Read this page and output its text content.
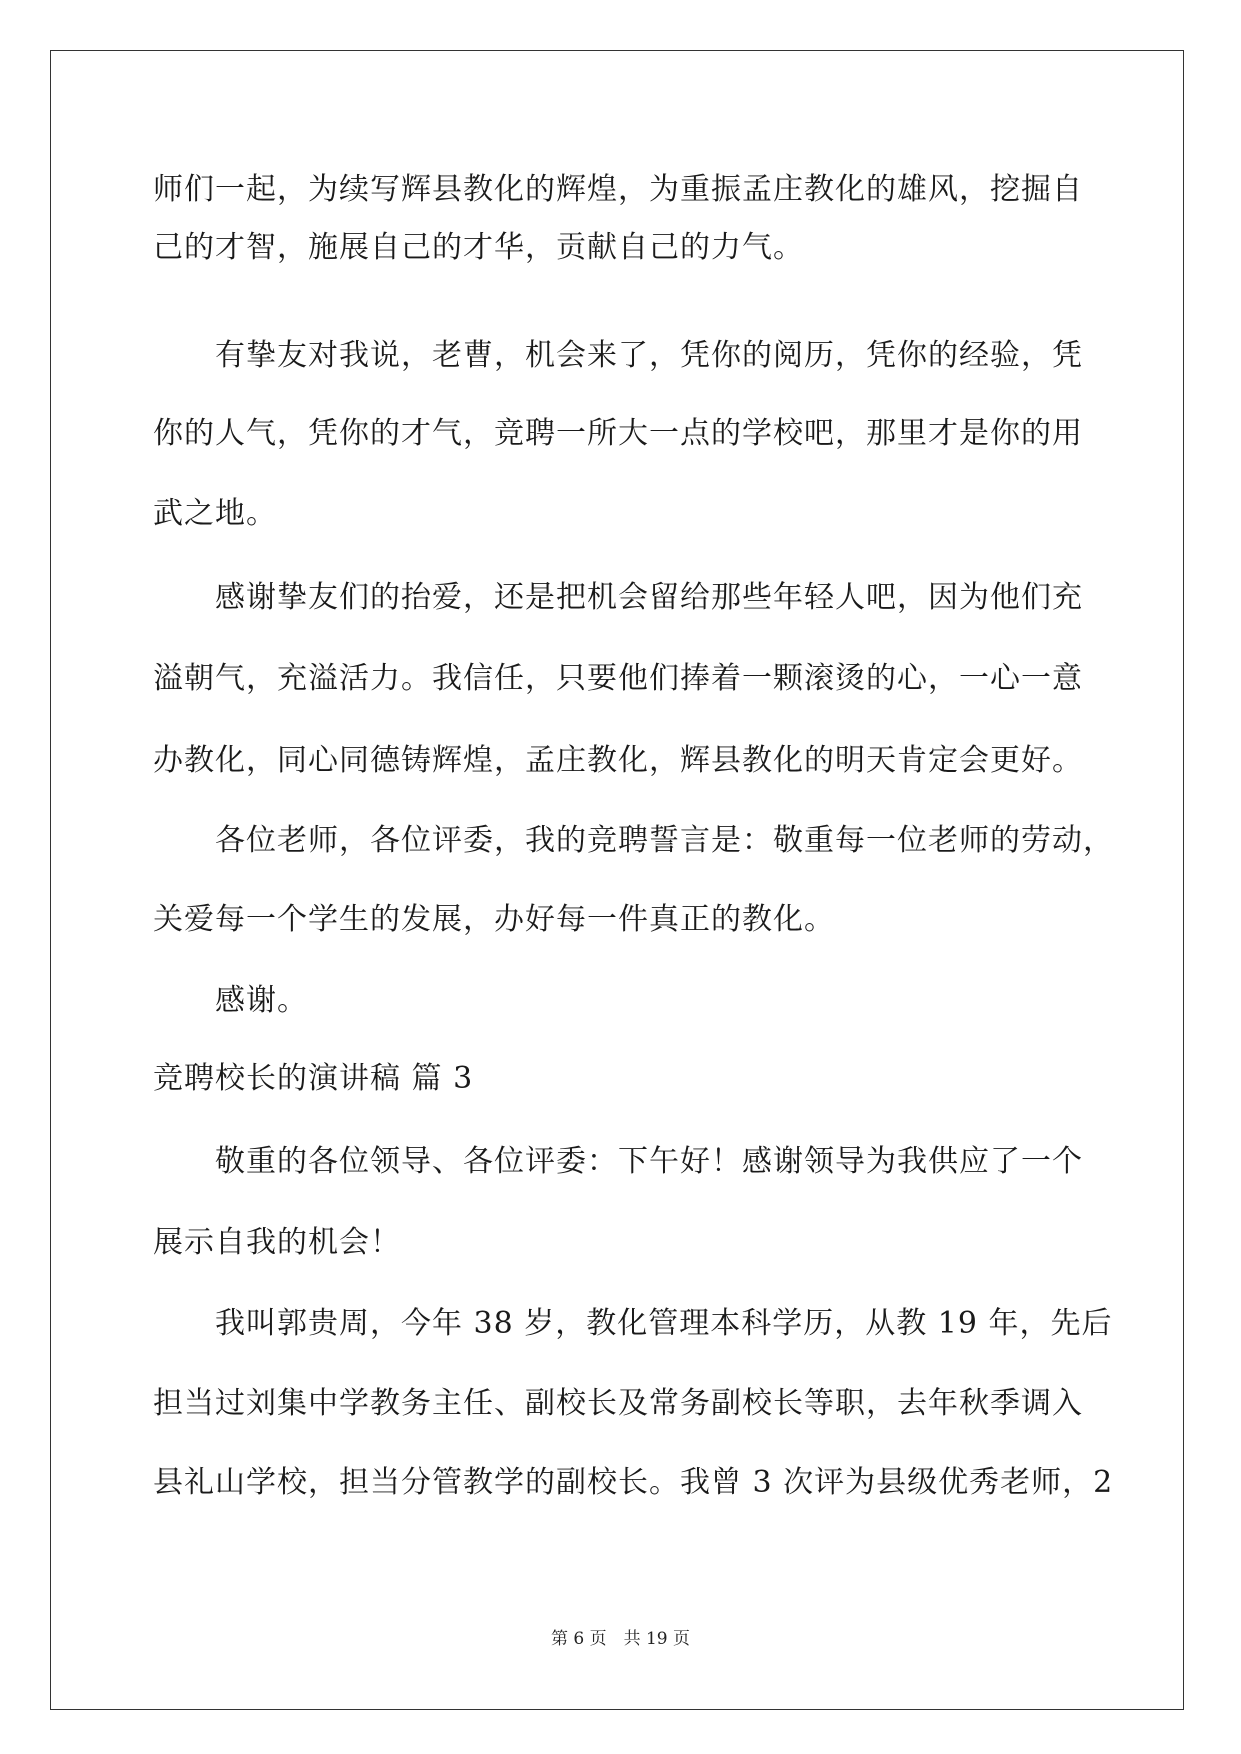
师们一起，为续写辉县教化的辉煌，为重振孟庄教化的雄风，挖掘自
己的才智，施展自己的才华，贡献自己的力气。
有挚友对我说，老曹，机会来了，凭你的阅历，凭你的经验，凭
你的人气，凭你的才气，竞聘一所大一点的学校吧，那里才是你的用
武之地。
感谢挚友们的抬爱，还是把机会留给那些年轻人吧，因为他们充
溢朝气，充溢活力。我信任，只要他们捧着一颗滚烫的心，一心一意
办教化，同心同德铸辉煌，孟庄教化，辉县教化的明天肯定会更好。
各位老师，各位评委，我的竞聘誓言是：敬重每一位老师的劳动，
关爱每一个学生的发展，办好每一件真正的教化。
感谢。
竞聘校长的演讲稿 篇 3
敬重的各位领导、各位评委：下午好！感谢领导为我供应了一个
展示自我的机会！
我叫郭贵周，今年 38 岁，教化管理本科学历，从教 19 年，先后
担当过刘集中学教务主任、副校长及常务副校长等职，去年秋季调入
县礼山学校，担当分管教学的副校长。我曾 3 次评为县级优秀老师，2
第 6 页　共 19 页
